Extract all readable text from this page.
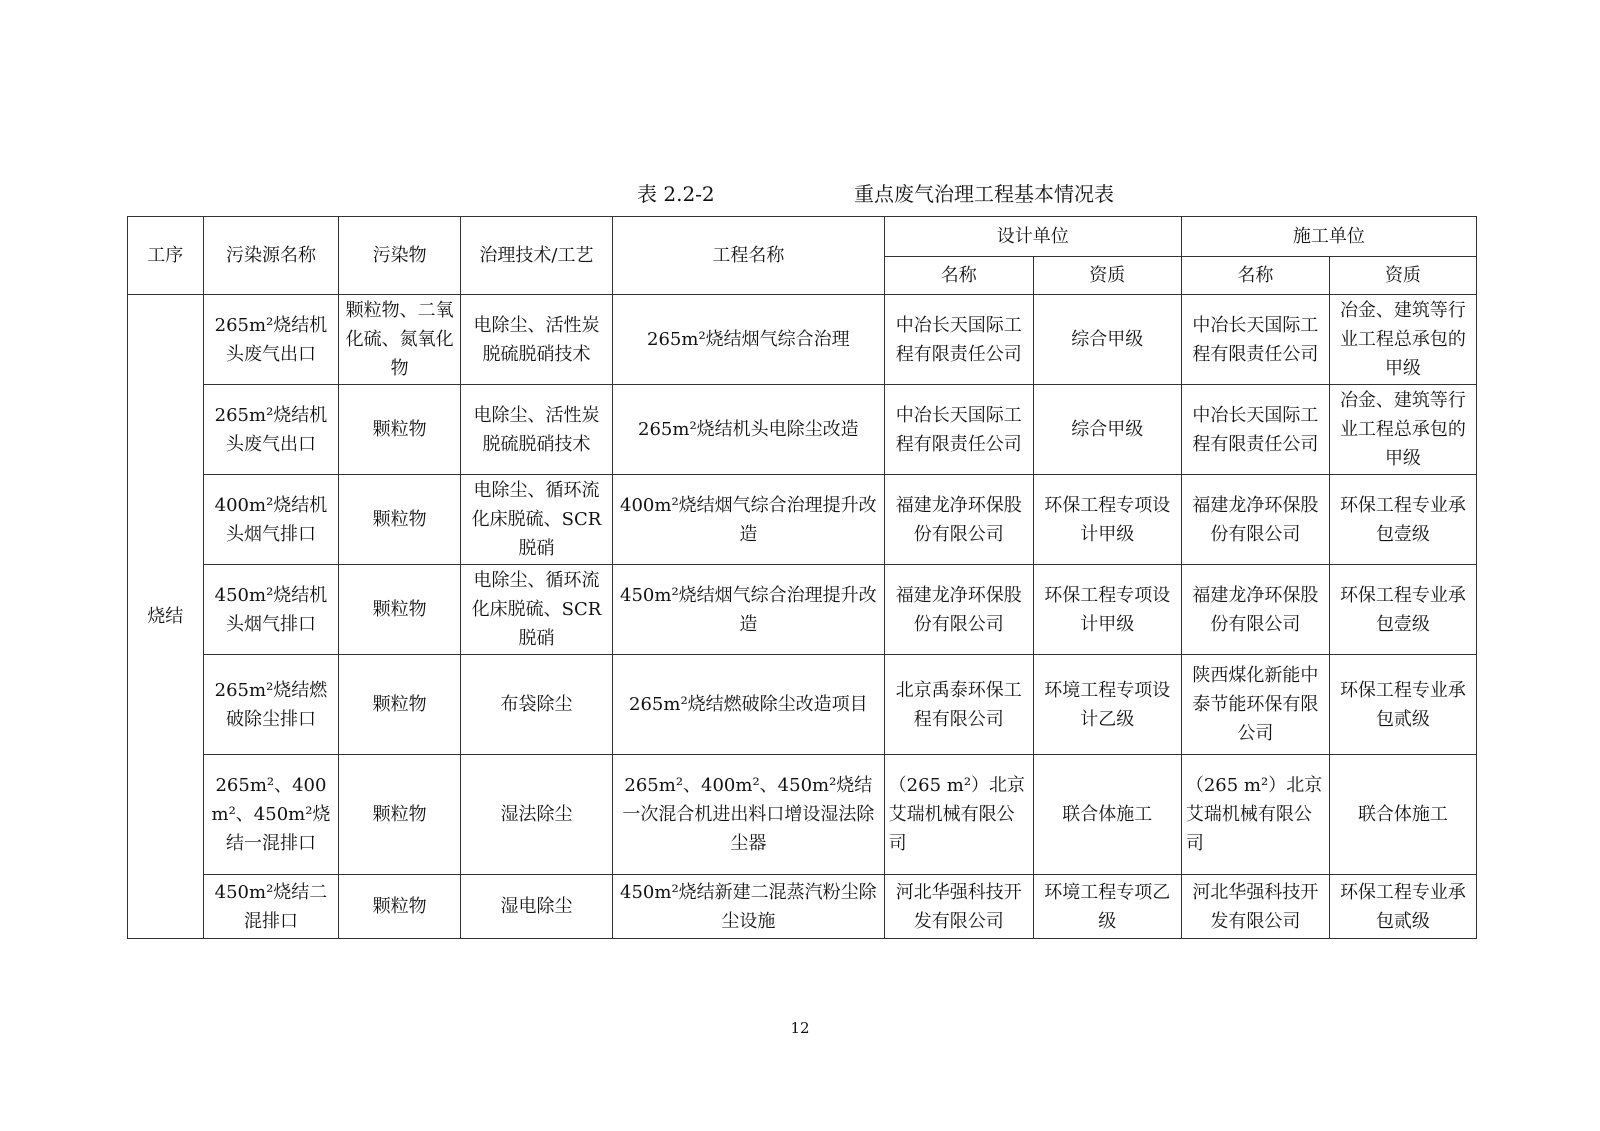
表 2.2-2	重点废气治理工程基本情况表
工序	污染源名称	污染物	治理技术/工艺	工程名称	设计单位		施工单位	
					名称	资质	名称	资质
烧结	265m²烧结机头废气出口	颗粒物、二氧化硫、氮氧化物	电除尘、活性炭脱硫脱硝技术	265m²烧结烟气综合治理	中冶长天国际工程有限责任公司	综合甲级	中冶长天国际工程有限责任公司	冶金、建筑等行业工程总承包的甲级
	265m²烧结机头废气出口	颗粒物	电除尘、活性炭脱硫脱硝技术	265m²烧结机头电除尘改造	中冶长天国际工程有限责任公司	综合甲级	中冶长天国际工程有限责任公司	冶金、建筑等行业工程总承包的甲级
	400m²烧结机头烟气排口	颗粒物	电除尘、循环流化床脱硫、SCR脱硝	400m²烧结烟气综合治理提升改造	福建龙净环保股份有限公司	环保工程专项设计甲级	福建龙净环保股份有限公司	环保工程专业承包壹级
	450m²烧结机头烟气排口	颗粒物	电除尘、循环流化床脱硫、SCR脱硝	450m²烧结烟气综合治理提升改造	福建龙净环保股份有限公司	环保工程专项设计甲级	福建龙净环保股份有限公司	环保工程专业承包壹级
	265m²烧结燃破除尘排口	颗粒物	布袋除尘	265m²烧结燃破除尘改造项目	北京禹泰环保工程有限公司	环境工程专项设计乙级	陕西煤化新能中泰节能环保有限公司	环保工程专业承包贰级
	265m²、400m²、450m²烧结一混排口	颗粒物	湿法除尘	265m²、400m²、450m²烧结一次混合机进出料口增设湿法除尘器	（265 m²）北京艾瑞机械有限公司	联合体施工	（265 m²）北京艾瑞机械有限公司	联合体施工
	450m²烧结二混排口	颗粒物	湿电除尘	450m²烧结新建二混蒸汽粉尘除尘设施	河北华强科技开发有限公司	环境工程专项乙级	河北华强科技开发有限公司	环保工程专业承包贰级
12
